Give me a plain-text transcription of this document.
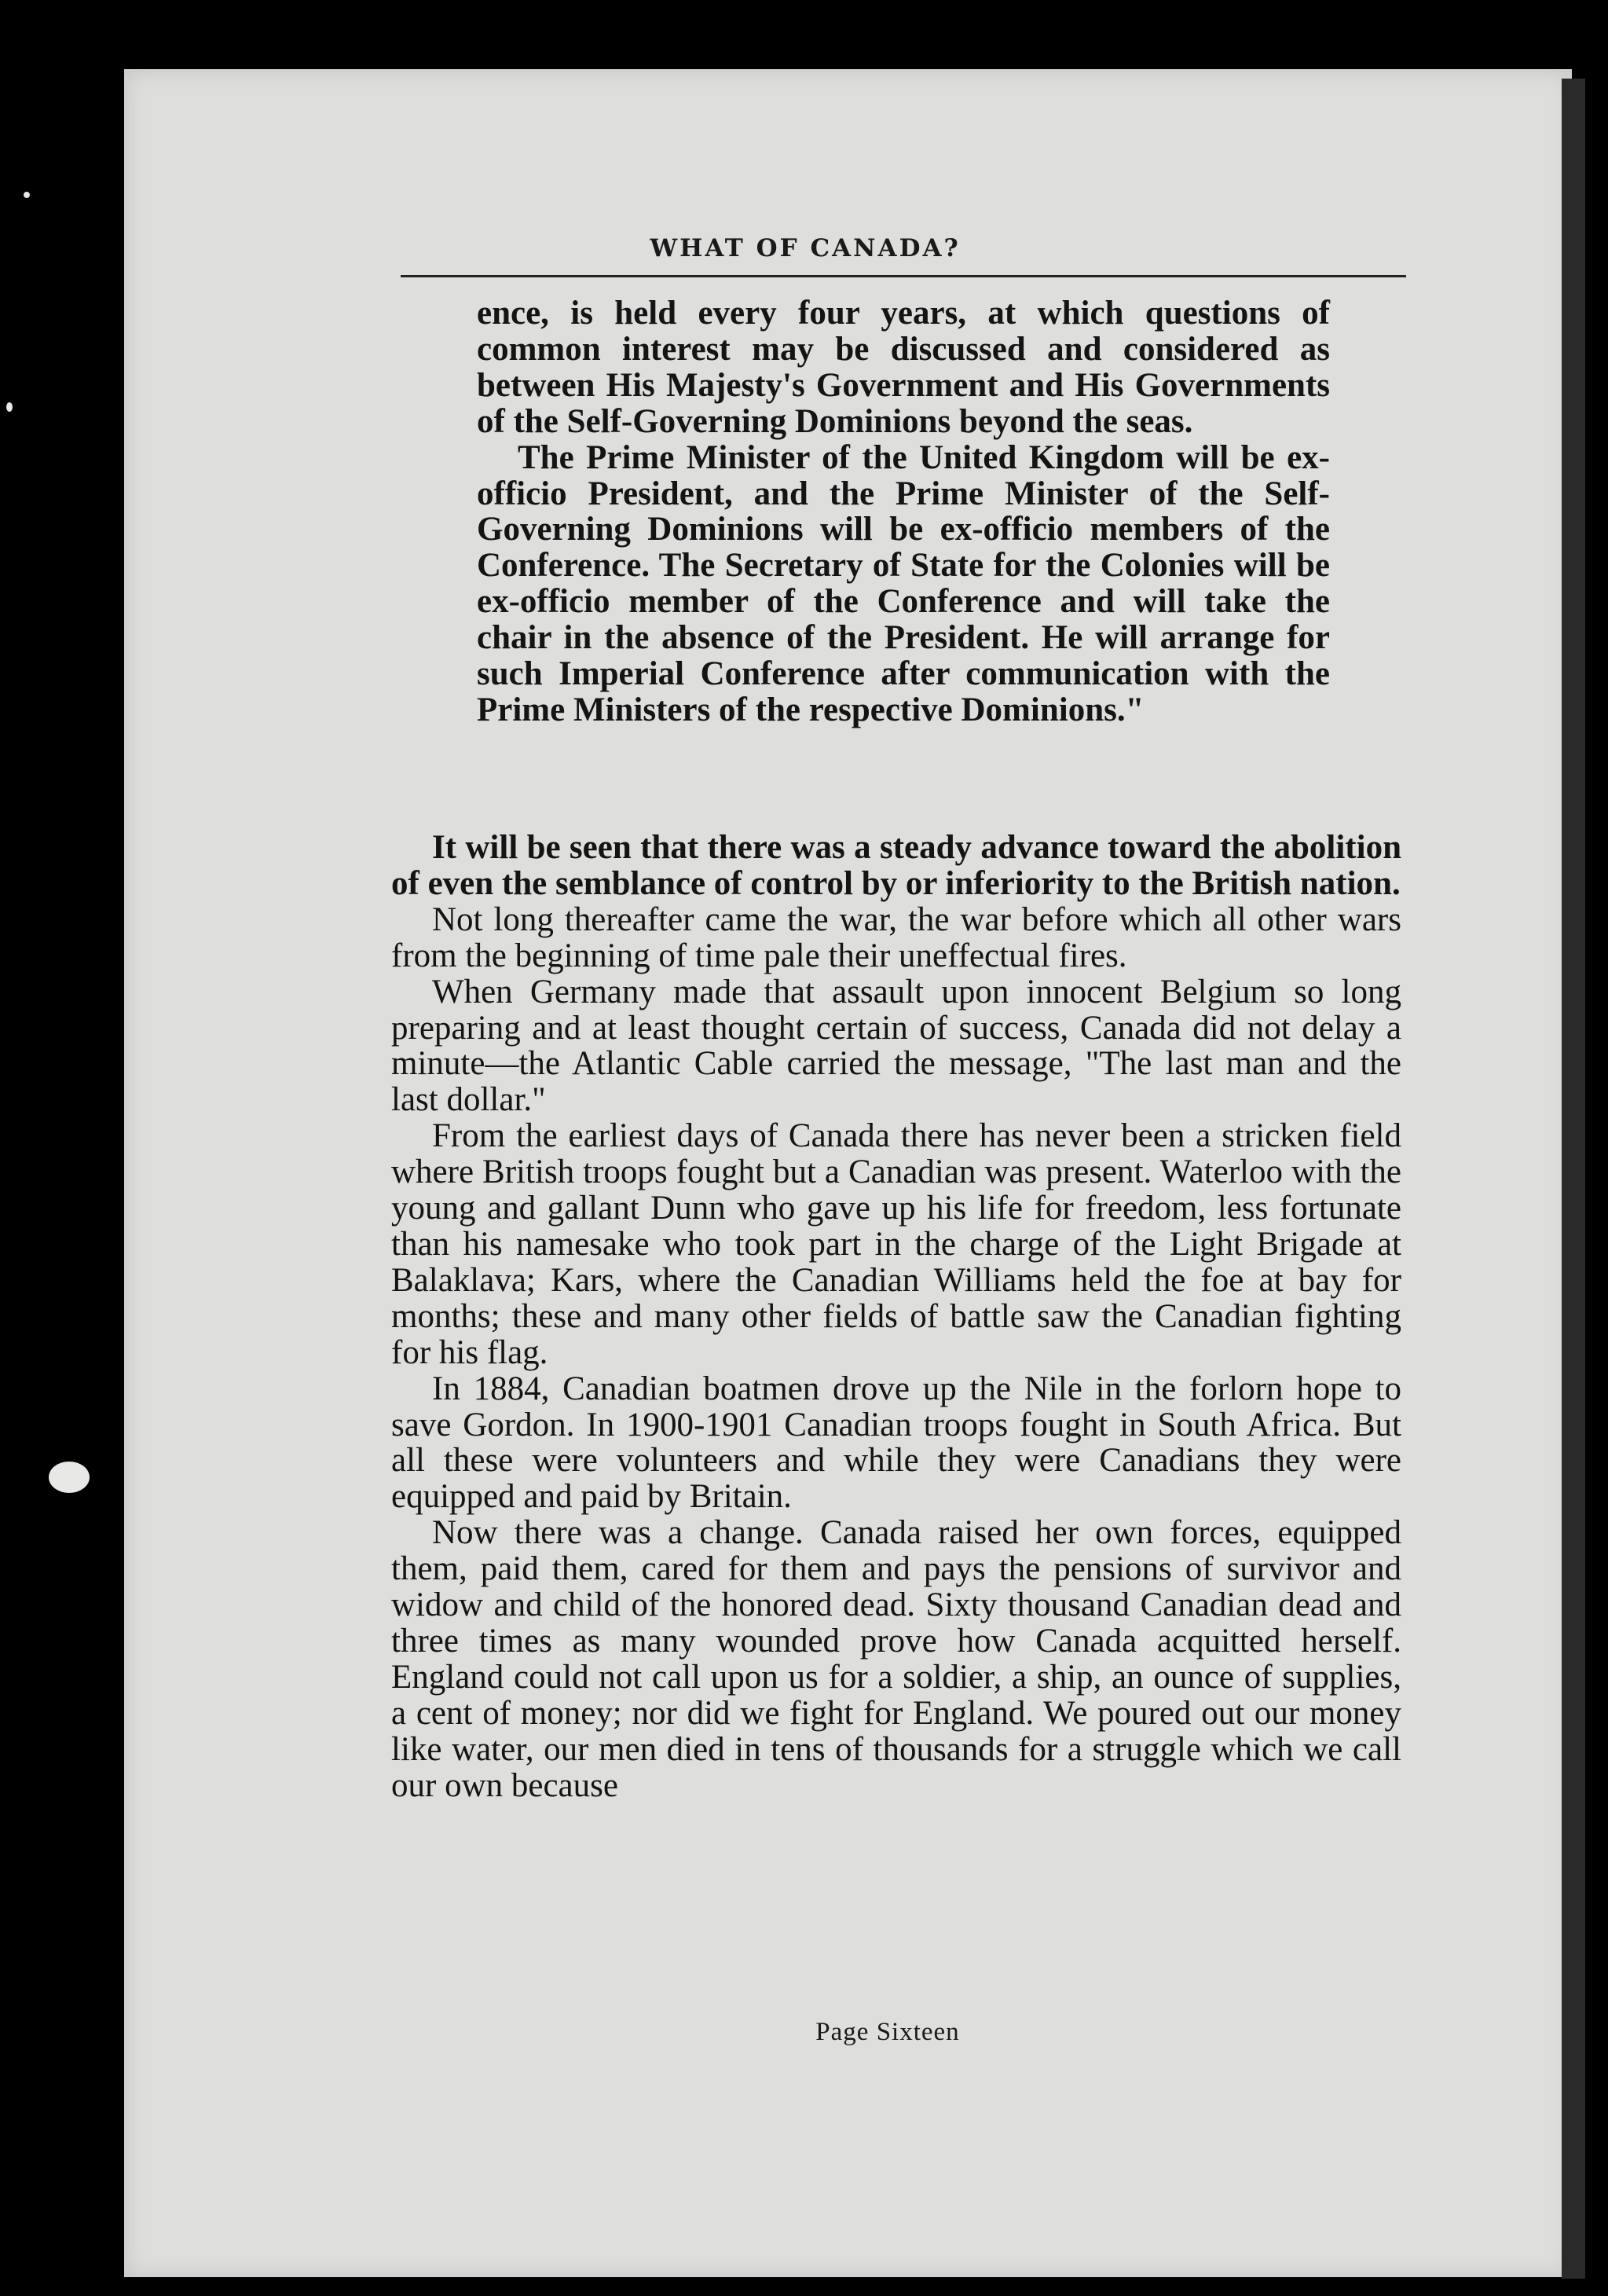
WHAT OF CANADA?

ence, is held every four years, at which questions of common interest may be discussed and considered as between His Majesty's Government and His Governments of the Self-Governing Dominions beyond the seas.

The Prime Minister of the United Kingdom will be ex-officio President, and the Prime Minister of the Self-Governing Dominions will be ex-officio members of the Conference. The Secretary of State for the Colonies will be ex-officio member of the Conference and will take the chair in the absence of the President. He will arrange for such Imperial Conference after communication with the Prime Ministers of the respective Dominions."

It will be seen that there was a steady advance toward the abolition of even the semblance of control by or inferiority to the British nation.

Not long thereafter came the war, the war before which all other wars from the beginning of time pale their uneffectual fires.

When Germany made that assault upon innocent Belgium so long preparing and at least thought certain of success, Canada did not delay a minute—the Atlantic Cable carried the message, "The last man and the last dollar."

From the earliest days of Canada there has never been a stricken field where British troops fought but a Canadian was present. Waterloo with the young and gallant Dunn who gave up his life for freedom, less fortunate than his namesake who took part in the charge of the Light Brigade at Balaklava; Kars, where the Canadian Williams held the foe at bay for months; these and many other fields of battle saw the Canadian fighting for his flag.

In 1884, Canadian boatmen drove up the Nile in the forlorn hope to save Gordon. In 1900-1901 Canadian troops fought in South Africa. But all these were volunteers and while they were Canadians they were equipped and paid by Britain.

Now there was a change. Canada raised her own forces, equipped them, paid them, cared for them and pays the pensions of survivor and widow and child of the honored dead. Sixty thousand Canadian dead and three times as many wounded prove how Canada acquitted herself. England could not call upon us for a soldier, a ship, an ounce of supplies, a cent of money; nor did we fight for England. We poured out our money like water, our men died in tens of thousands for a struggle which we call our own because

Page Sixteen
